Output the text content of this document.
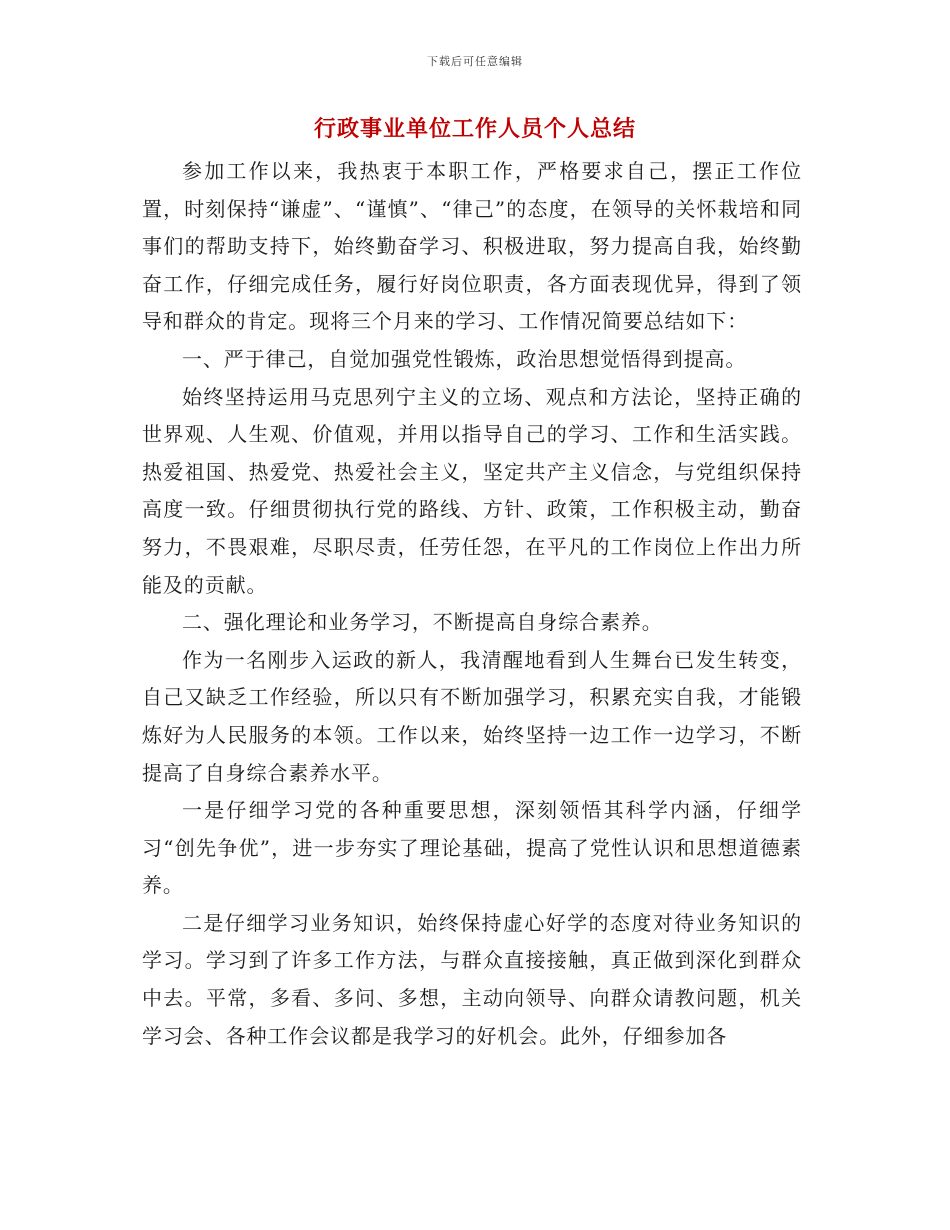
下载后可任意编辑
行政事业单位工作人员个人总结

参加工作以来，我热衷于本职工作，严格要求自己，摆正工作位置，时刻保持“谦虚”、“谨慎”、“律己”的态度，在领导的关怀栽培和同事们的帮助支持下，始终勤奋学习、积极进取，努力提高自我，始终勤奋工作，仔细完成任务，履行好岗位职责，各方面表现优异，得到了领导和群众的肯定。现将三个月来的学习、工作情况简要总结如下：

一、严于律己，自觉加强党性锻炼，政治思想觉悟得到提高。

始终坚持运用马克思列宁主义的立场、观点和方法论，坚持正确的世界观、人生观、价值观，并用以指导自己的学习、工作和生活实践。热爱祖国、热爱党、热爱社会主义，坚定共产主义信念，与党组织保持高度一致。仔细贯彻执行党的路线、方针、政策，工作积极主动，勤奋努力，不畏艰难，尽职尽责，任劳任怨，在平凡的工作岗位上作出力所能及的贡献。

二、强化理论和业务学习，不断提高自身综合素养。

作为一名刚步入运政的新人，我清醒地看到人生舞台已发生转变，自己又缺乏工作经验，所以只有不断加强学习，积累充实自我，才能锻炼好为人民服务的本领。工作以来，始终坚持一边工作一边学习，不断提高了自身综合素养水平。

一是仔细学习党的各种重要思想，深刻领悟其科学内涵，仔细学习“创先争优”，进一步夯实了理论基础，提高了党性认识和思想道德素养。

二是仔细学习业务知识，始终保持虚心好学的态度对待业务知识的学习。学习到了许多工作方法，与群众直接接触，真正做到深化到群众中去。平常，多看、多问、多想，主动向领导、向群众请教问题，机关学习会、各种工作会议都是我学习的好机会。此外，仔细参加各
